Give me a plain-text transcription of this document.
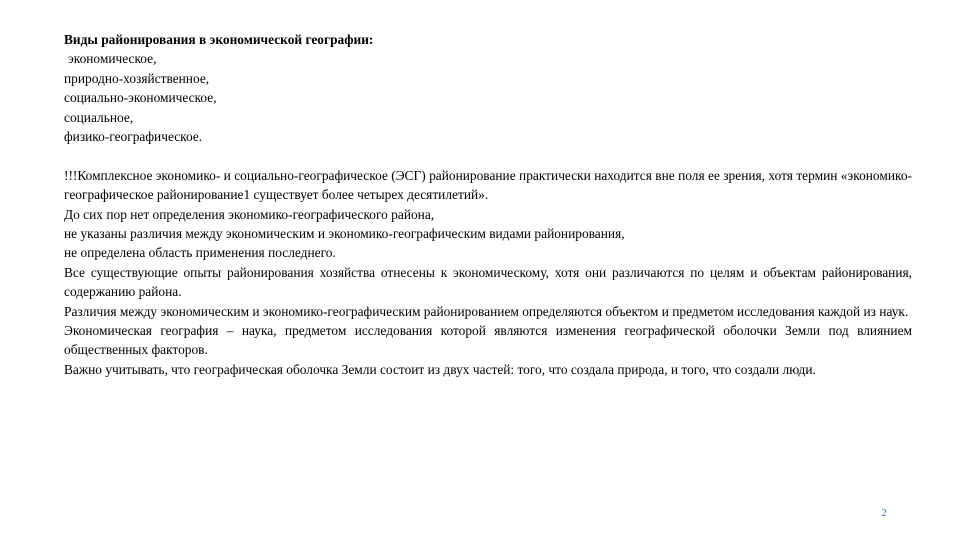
Виды районирования в экономической географии:

экономическое,

природно-хозяйственное,

социально-экономическое,

социальное,

физико-географическое.

!!!Комплексное экономико- и социально-географическое (ЭСГ) районирование практически находится вне поля ее зрения, хотя термин «экономико-географическое районирование1 существует более четырех десятилетий».

До сих пор нет определения экономико-географического района,

не указаны различия между экономическим и экономико-географическим видами районирования,

не определена область применения последнего.

Все существующие опыты районирования хозяйства отнесены к экономическому, хотя они различаются по целям и объектам районирования, содержанию района.

Различия между экономическим и экономико-географическим районированием определяются объектом и предметом исследования каждой из наук.

Экономическая география – наука, предметом исследования которой являются изменения географической оболочки Земли под влиянием общественных факторов.

Важно учитывать, что географическая оболочка Земли состоит из двух частей: того, что создала природа, и того, что создали люди.

2
